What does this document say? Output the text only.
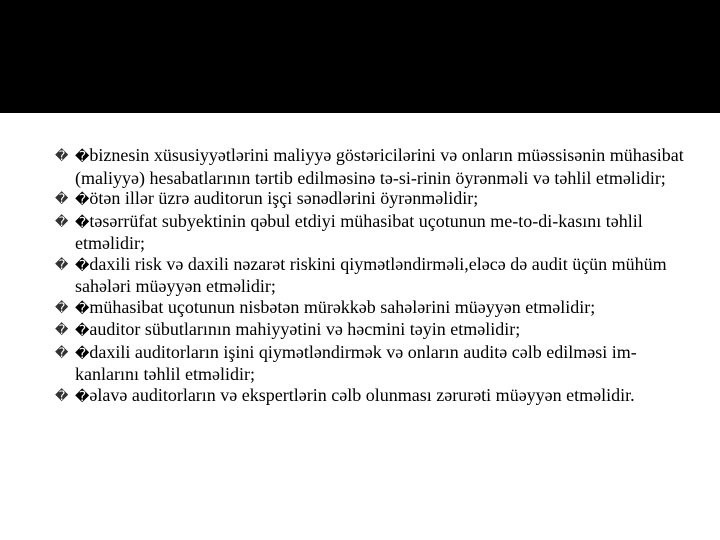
� �biznesin xüsusiyyətlərini maliyyə göstəricilərini və onların müəssisənin mühasibat (maliyyə) hesabatlarının tərtib edilməsinə tə-si-rinin öyrənməli və təhlil etməlidir;
� �ötən illər üzrə auditorun işçi sənədlərini öyrənməlidir;
� �təsərrüfat subyektinin qəbul etdiyi mühasibat uçotunun me-to-di-kasını təhlil etməlidir;
� �daxili risk və daxili nəzarət riskini qiymətləndirməli,eləcə də audit üçün mühüm sahələri müəyyən etməlidir;
� �mühasibat uçotunun nisbətən mürəkkəb sahələrini müəyyən etməlidir;
� �auditor sübutlarının mahiyyətini və həcmini təyin etməlidir;
� �daxili auditorların işini qiymətləndirmək və onların auditə cəlb edilməsi im-kanlarını təhlil etməlidir;
� �əlavə auditorların və ekspertlərin cəlb olunması zərurəti müəyyən etməlidir.
